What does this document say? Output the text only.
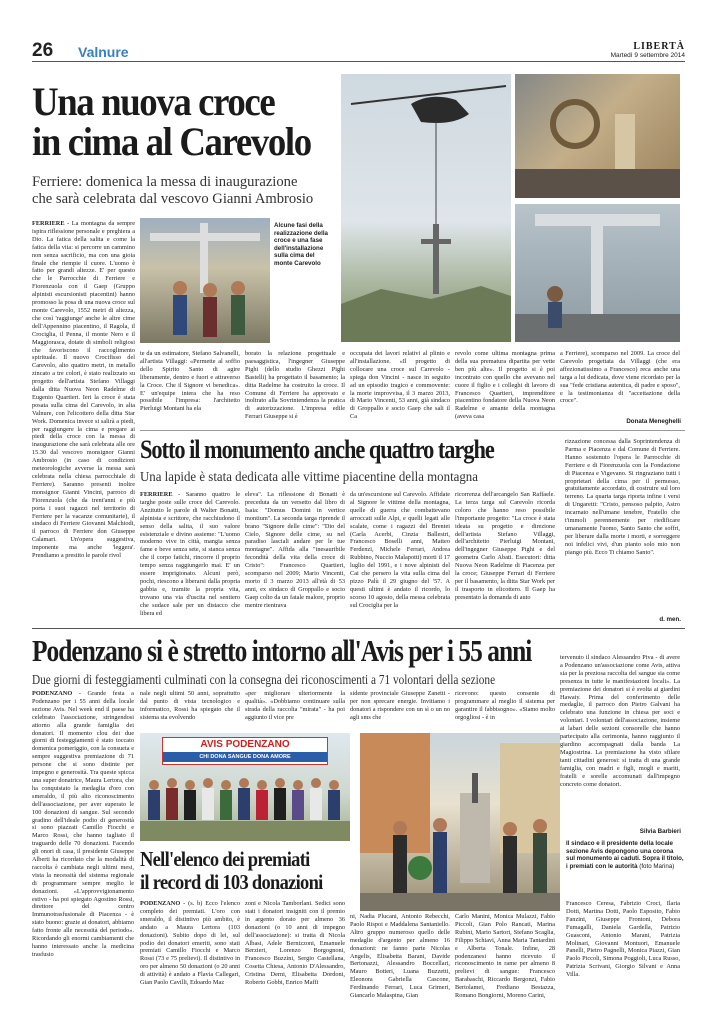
26 Valnure	LIBERTÀ
Martedì 9 settembre 2014
Una nuova croce
in cima al Carevolo
Ferriere: domenica la messa di inaugurazione
che sarà celebrata dal vescovo Gianni Ambrosio
Alcune fasi della realizzazione della croce e una fase dell'installazione sulla cima del monte Carevolo
FERRIERE - La montagna da sempre ispira riflessione personale e preghiera a Dio. La fatica della salita e come la fatica della vita: si percorre un cammino non senza sacrificio, ma con una gioia finale che riempie il cuore. L'uomo è fatto per grandi altezze. E' per questo che le Parrocchie di Ferriere e Fiorenzuola con il Gaep (Gruppo alpinisti escursionisti piacentini) hanno promosso la posa di una nuova croce sul monte Carevolo, 1552 metri di altezza, che così 'raggiunge' anche le altre cime dell'Appennino piacentino, il Ragola, il Crociglia, il Penna, il monte Nero e il Maggiorasca, dotate di simboli religiosi che favoriscono il raccoglimento spirituale. Il nuovo Crocifisso del Carevolo, alto quattro metri, in metallo zincato a tre colori, è stato realizzato su progetto dell'artista Stefano Villaggi dalla ditta Nuova Neon Radelme di Eugenio Quartieri. Ieri la croce è stata posata sulla cima del Carevolo, in alta Valnure, con l'elicottero della ditta Star Work. Domenica invece si salirà a piedi, per raggiungere la cima e pregare ai piedi della croce con la messa di inaugurazione che sarà celebrata alle ore 15.30 dal vescovo monsignor Gianni Ambrosio (in caso di condizioni meteorologiche avverse la messa sarà celebrata nella chiesa parrocchiale di Ferriere). Saranno presenti inoltre monsignor Gianni Vincini, parroco di Fiorenzuola (che da trent'anni e più porta i suoi ragazzi nel territorio di Ferriere per la vacanze comunitarie), il sindaco di Ferriere Giovanni Malchiodi, il parroco di Ferriere don Giuseppe Calamari. Un'opera suggestiva, imponente ma anche 'leggera'. Prendiamo a prestito le parole rivol
te da un estimatore, Stefano Salvanelli, all'artista Villaggi: «Permette al soffio dello Spirito Santo di agire liberamente, dentro e fuori e attraverso la Croce. Che il Signore vi benedica». E' un'equipe intera che ha reso possibile l'impresa: l'architetto Pierluigi Montani ha ela
borato la relazione progettuale e paesaggistica, l'ingegner Giuseppe Pighi (dello studio Ghezzi Pighi Bastelli) ha progettato il basamento; la ditta Radelme ha costruito la croce. Il Comune di Ferriere ha approvato e inoltrato alla Sovrintendenza la pratica di autorizzazione. L'impresa edile Ferrari Giuseppe si è
occupata dei lavori relativi al plinto e all'installazione. «Il progetto di collocare una croce sul Carevolo - spiega don Vincini - nasce in seguito ad un episodio tragico e commovente: la morte improvvisa, il 3 marzo 2013, di Mario Vincenti, 53 anni, già sindaco di Groppallo e socio Gaep che sali il Ca
revolo come ultima montagna prima della sua prematura dipartita per vette ben più alte». Il progetto si è poi incontrato con quello che avevano nel cuore il figlio e i colleghi di lavoro di Francesco Quartieri, imprenditore piacentino fondatore della Nuova Neon Radelme e amante della montagna (aveva casa
a Ferriere), scomparso nel 2009. La croce del Carevolo progettata da Villaggi (che era affezionatissimo a Francesco) reca anche una targa a lui dedicata, dove viene ricordato per la sua "fede cristiana autentica, di padre e sposo", e la testimonianza di "accettazione della croce".
Donata Meneghelli
Sotto il monumento anche quattro targhe
Una lapide è stata dedicata alle vittime piacentine della montagna
FERRIERE - Saranno quattro le targhe poste sulle croce del Carevolo. Anzitutto le parole di Walter Bonatti, alpinista e scrittore, che racchiudono il senso della salita, il suo valore esistenziale e divino assieme: "L'uomo moderno vive in città, mangia senza fame e beve senza sete, si stanca senza che il corpo fatichi, rincorre il proprio tempo senza raggiungerlo mai. E' un essere imprigionato. Alcuni però, pochi, riescono a liberarsi dalla propria gabbia e, tramite la propria vita, trovano una via d'uscita nel sentiero che sudace sale per un distacco che libera ed
eleva". La riflessione di Bonatti è preceduta da un versetto dal libro di Isaia: "Domus Domini in vertice montium". La seconda targa riprende il brano "Signore delle cime": "Dio del Cielo, Signore delle cime, su nel paradiso lasciali andare per le tue montagne". Affida alla "inesauribile fecondità della vita della croce di Cristo": Francesco Quartieri, scomparso nel 2009; Mario Vincenti, morto il 3 marzo 2013 all'età di 53 anni, ex sindaco di Groppallo e socio Gaep colto da un fatale malore, proprio mentre rientrava
da un'escursione sul Carevolo. Affidate al Signore le vittime della montagna, quelle di guerra che combattevano arroccati sulle Alpi, e quelli legati alle scalate, come i ragazzi del Brentei (Carla Acerbi, Cinzia Ballestri, Francesco Boselli anni, Matteo Ferdenzi, Michele Ferrari, Andrea Rubbino, Nuccio Malapotti) morti il 17 luglio del 1991, e i nove alpinisti del Cai che persero la vita sulla cima del pizzo Palù il 29 giugno del '57. A questi ultimi è andato il ricordo, lo scorso 10 agosto, della messa celebrata sul Crociglia per la
ricorrenza dell'arcangelo San Raffaele. La terza targa sul Carevolo ricorda coloro che hanno reso possibile l'importante progetto: "La croce è stata ideata su progetto e direzione dell'artista Stefano Villaggi, dell'architetto Pierluigi Montani, dell'ingegner Giuseppe Pighi e del geometra Carlo Abati. Esecutori: ditta Nuova Neon Radelme di Piacenza per la croce; Giuseppe Ferrari di Ferriere per il basamento, la ditta Star Work per il trasporto in elicottero. Il Gaep ha presentato la domanda di auto
rizzazione concessa dalla Soprintendenza di Parma e Piacenza e dal Comune di Ferriere. Hanno sostenuto l'opera le Parrocchie di Ferriere e di Fiorenzuola con la Fondazione di Piacenza e Vigevano. Si ringraziano tutti i proprietari della cima per il permesso, gratuitamente accordato, di costruire sul loro terreno. La quarta targa riporta infine i versi di Ungaretti: "Cristo, pensoso palpito, Astro incarnato nell'umane tenebre, Fratello che t'immoli perennemente per riedificare umanamente l'uomo, Santo Santo che soffri, per liberare dalla morte i morti, e sorreggere noi infelici vivi, d'un pianto solo mio non piango più. Ecco Ti chiamo Santo".
d. men.
Podenzano si è stretto intorno all'Avis per i 55 anni
Due giorni di festeggiamenti culminati con la consegna dei riconoscimenti a 71 volontari della sezione
PODENZANO - Grande festa a Podenzano per i 55 anni della locale sezione Avis. Nel week end il paese ha celebrato l'associazione, stringendosi attorno alla grande famiglia dei donatori. Il momento clou dei due giorni di festeggiamenti è stato toccato domenica pomeriggio, con la consueta e sempre suggestiva premiazione di 71 persone che si sono distinte per impegno e generosità. Tra queste spicca una super donatrice, Maura Lertora, che ha conquistato la medaglia d'oro con smeraldo, il più alto riconoscimento dell'associazione, per aver superato le 100 donazioni di sangue. Sul secondo gradino dell'ideale podio di generosità si sono piazzati Camillo Fiocchi e Marco Rossi, che hanno tagliato il traguardo delle 70 donazioni. Facendo gli onori di casa, il presidente Giuseppe Alberti ha ricordato che la modalità di raccolta è cambiata negli ultimi mesi, vista la necessità del sistema regionale di programmare sempre meglio le donazioni. «L'approvvigionamento estivo - ha poi spiegato Agostino Rossi, direttore del centro Immunotrasfusionale di Piacenza - è stato buono: grazie ai donatori, abbiamo fatto fronte alle necessità del periodo». Ricordando gli enormi cambiamenti che hanno interessato anche la medicina trasfusio
nale negli ultimi 50 anni, soprattutto dal punto di vista tecnologico e informatico, Rossi ha spiegato che il sistema sta evolvendo
«per migliorare ulteriormente la qualità». «Dobbiamo continuare sulla strada della raccolta "mirata" - ha poi aggiunto il vice pre
sidente provinciale Giuseppe Zanetti - per non sprecare energie. Invitiamo i donatori a rispondere con un sì o un no agli sms che
ricevono: questo consente di programmare al meglio il sistema per garantire il fabbisogno». «Siamo molto orgogliosi - è in
tervenuto il sindaco Alessandro Piva - di avere a Podenzano un'associazione come Avis, attiva sia per la preziosa raccolta del sangue sia come presenza in tutte le manifestazioni locali». La premiazione dei donatori si è svolta ai giardini Hawaiy. Prima del conferimento delle medaglie, il parroco don Pietro Galvani ha celebrato una funzione in chiesa per soci e volontari. I volontari dell'associazione, insieme ai labari delle sezioni consorelle che hanno partecipato alla cerimonia, hanno raggiunto il giardino accompagnati dalla banda La Magiostrina. La premiazione ha visto sfilare tanti cittadini generosi: si tratta di una grande famiglia, con madri e figli, mogli e mariti, fratelli e sorelle accomunati dall'impegno concreto come donatori.
Silvia Barbieri
AVIS PODENZANO
CHI DONA SANGUE DONA AMORE
Il sindaco e il presidente della locale sezione Avis depongono una corona sul monumento ai caduti. Sopra il titolo, i premiati con le autorità (foto Marina)
Nell'elenco dei premiati
il record di 103 donazioni
PODENZANO - (s. b) Ecco l'elenco completo dei premiati. L'oro con smeraldo, il distintivo più ambito, è andato a Maura Lertora (103 donazioni). Subito dopo di lei, sul podio dei donatori emeriti, sono stati premiati Camillo Fiocchi e Marco Rossi (73 e 75 prelievi). Il distintivo in oro per almeno 50 donazioni (o 20 anni di attività) è andato a Flavia Callegari, Gian Paolo Cavilli, Edoardo Maz
zoni e Nicola Tamborlani. Sedici sono stati i donatori insigniti con il premio in argento dorato per almeno 36 donazioni (o 10 anni di impegno dell'associazione): si tratta di Nicola Albasi, Adele Bernizzoni, Emanuele Berzieri, Lorenzo Borgognoni, Francesco Buzzini, Sergio Castellana, Cosetta Chiesa, Antonio D'Alessandro, Cristina Derni, Elisabetta Dordoni, Roberto Gobbi, Enrico Maffi
ni, Nadia Plucani, Antonio Rebecchi, Paolo Rispoi e Maddalena Santaniello. Altro gruppo numeroso quello delle medaglie d'argento per almeno 16 donazioni: ne fanno parte Nicolas Angelis, Elisabetta Barani, Davide Bertonazzi, Alessandro Boccellari, Mauro Botteri, Luana Buzzetti, Eleonora Gabriella Cascone, Ferdinando Ferrari, Luca Grimeri, Giancarlo Malaspina, Gian
Carlo Manini, Monica Mulazzi, Fabio Piccoli, Gian Polo Rancati, Marina Rubini, Mario Sartori, Stefano Scaglia, Filippo Schiavi, Anna Maria Tantardini e Alberta Tonale. Infine, 28 podenzanesi hanno ricevuto il riconoscimento in rame per almeno 8 prelievi di sangue: Francesco Barabaschi, Riccardo Bergonzi, Fabio Bertolamei, Frediano Bestazza, Romano Bongiorni, Moreno Carini,
Francesco Ceresa, Fabrizio Croci, Ilaria Dotti, Martina Dotti, Paolo Esposito, Fabio Fanzini, Giuseppe Frontoni, Debora Fumagalli, Daniela Gardella, Patrizio Guasconi, Antonio Marani, Patrizia Molinari, Giovanni Montuori, Emanuele Panelli, Pietro Pagnelli, Monica Piazzi, Gian Paolo Piccoli, Simona Poggioli, Luca Russo, Patrizia Scrivani, Giorgio Silvani e Anna Villa.
